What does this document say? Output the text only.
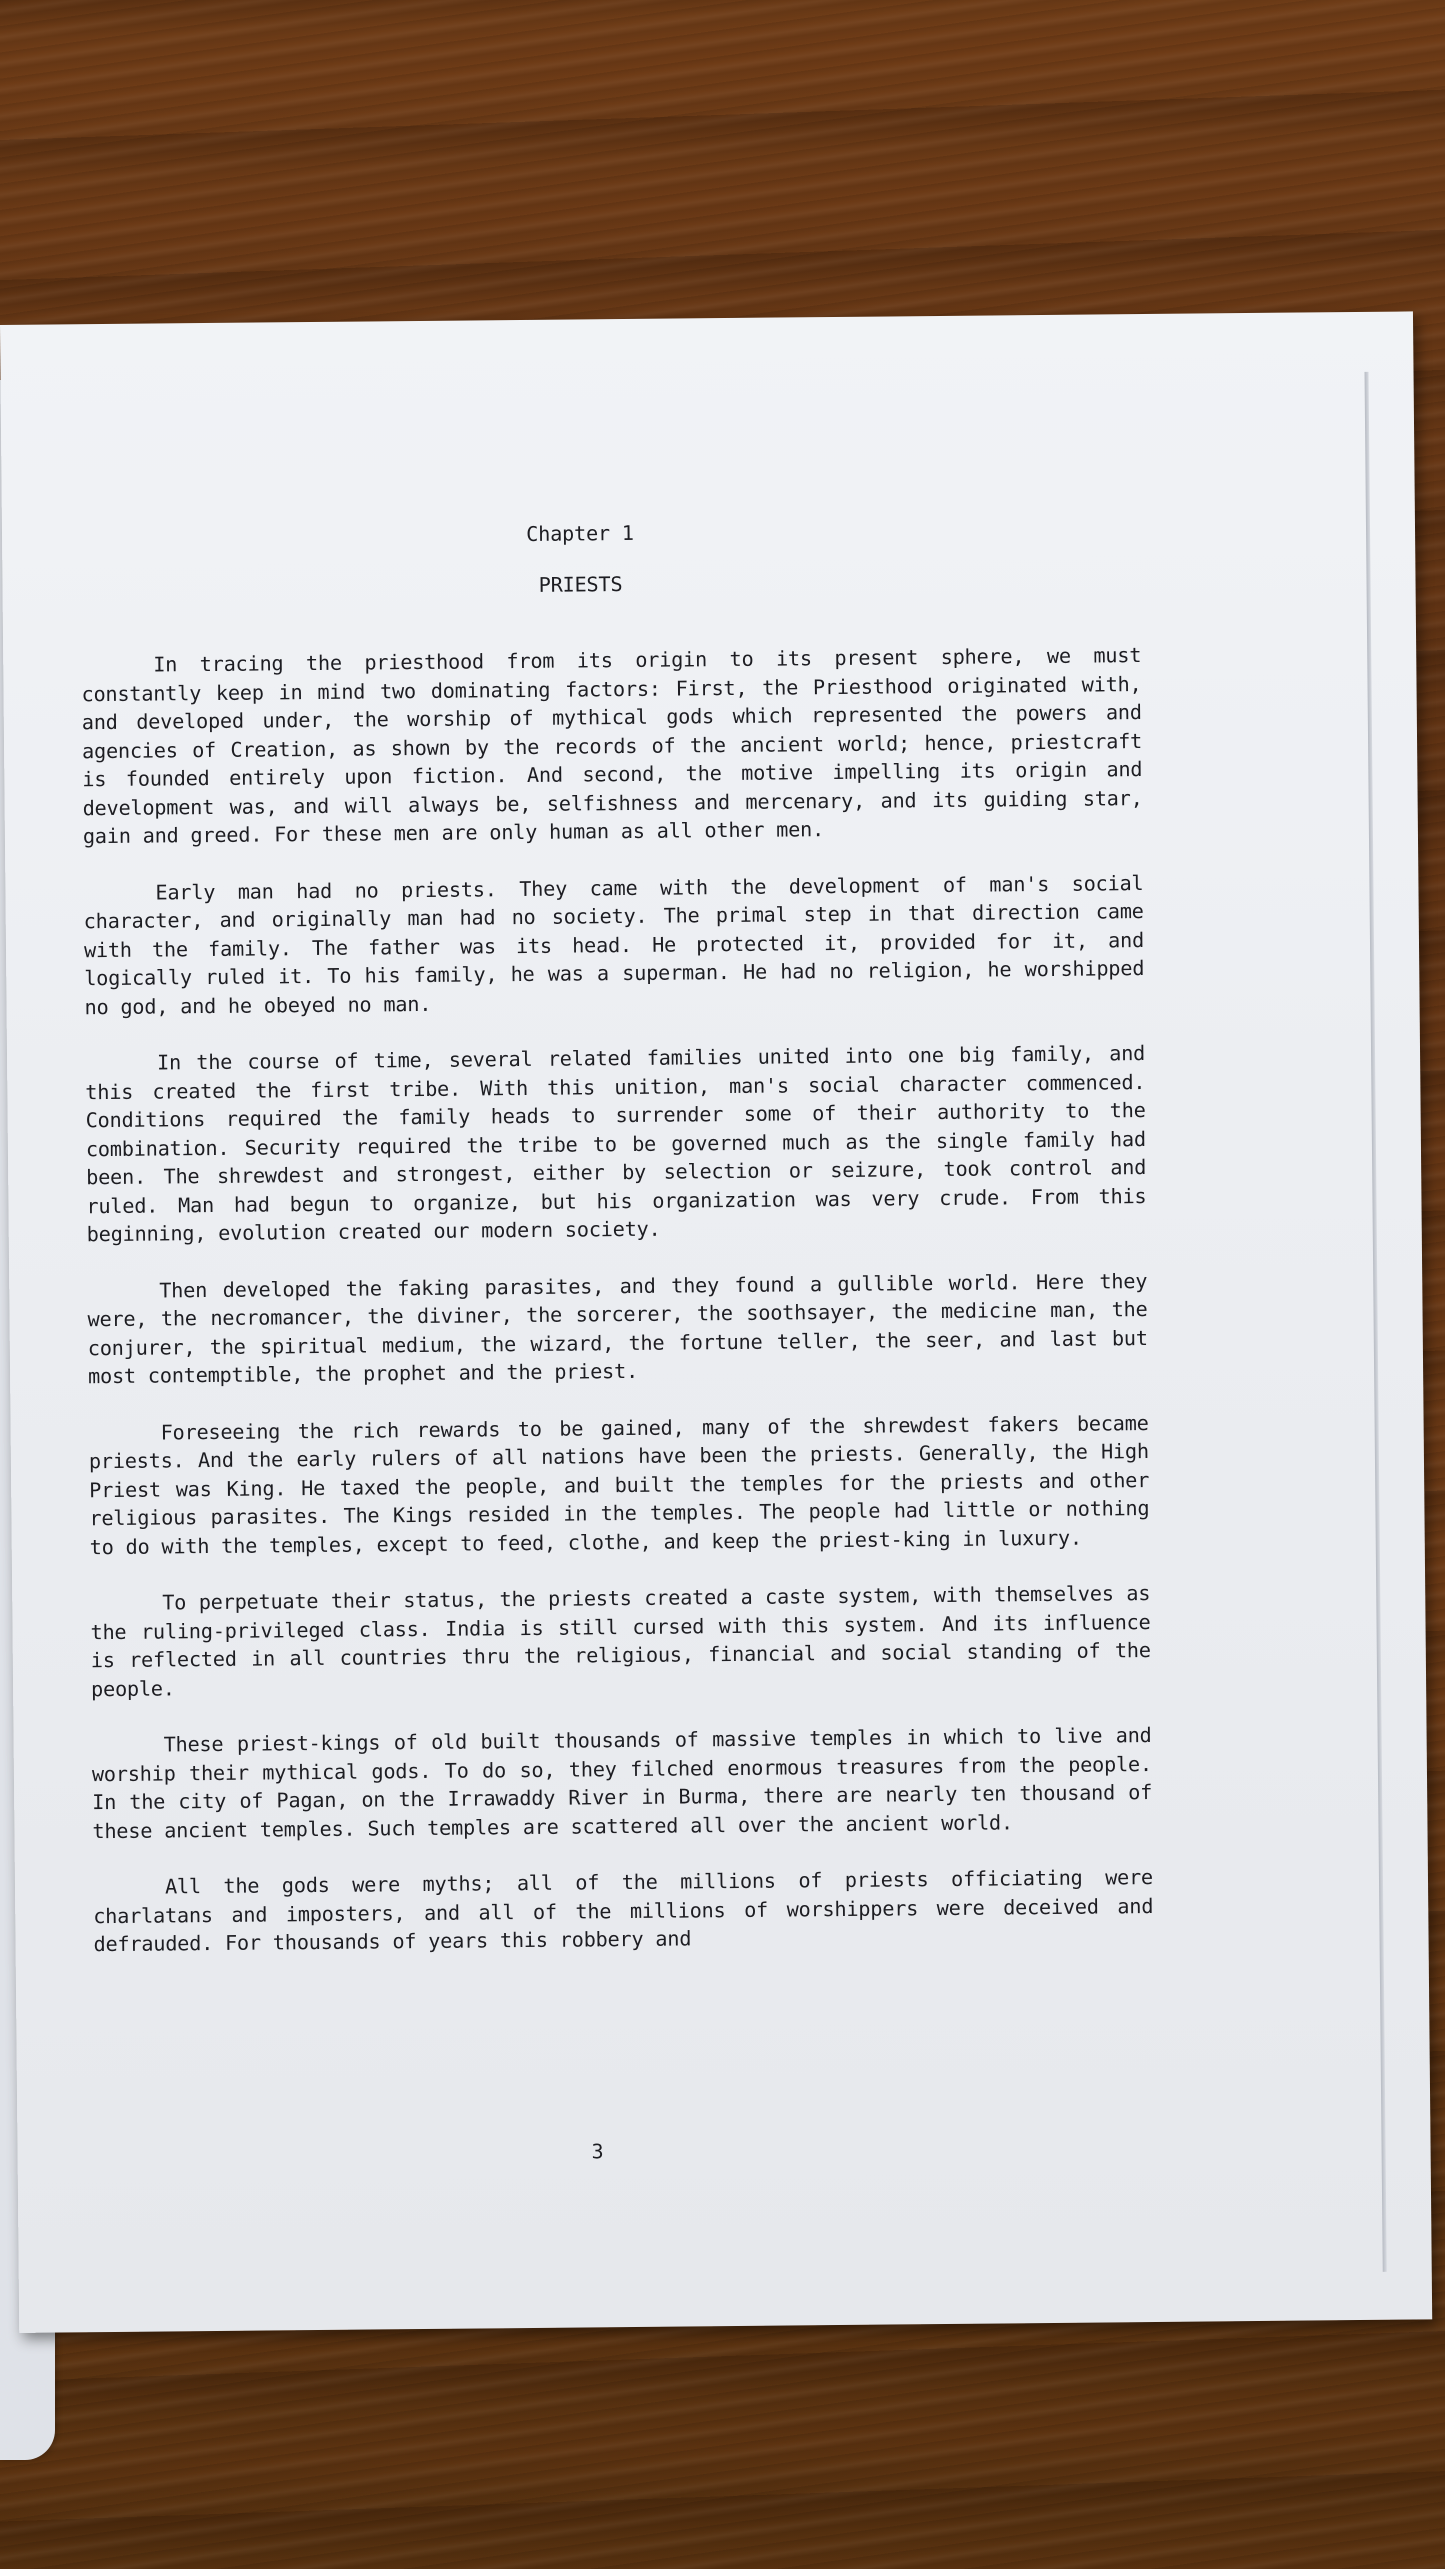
Chapter 1
PRIESTS

In tracing the priesthood from its origin to its present sphere, we must constantly keep in mind two dominating factors: First, the Priesthood originated with, and developed under, the worship of mythical gods which represented the powers and agencies of Creation, as shown by the records of the ancient world; hence, priestcraft is founded entirely upon fiction. And second, the motive impelling its origin and development was, and will always be, selfishness and mercenary, and its guiding star, gain and greed. For these men are only human as all other men.

Early man had no priests. They came with the development of man's social character, and originally man had no society. The primal step in that direction came with the family. The father was its head. He protected it, provided for it, and logically ruled it. To his family, he was a superman. He had no religion, he worshipped no god, and he obeyed no man.

In the course of time, several related families united into one big family, and this created the first tribe. With this unition, man's social character commenced. Conditions required the family heads to surrender some of their authority to the combination. Security required the tribe to be governed much as the single family had been. The shrewdest and strongest, either by selection or seizure, took control and ruled. Man had begun to organize, but his organization was very crude. From this beginning, evolution created our modern society.

Then developed the faking parasites, and they found a gullible world. Here they were, the necromancer, the diviner, the sorcerer, the soothsayer, the medicine man, the conjurer, the spiritual medium, the wizard, the fortune teller, the seer, and last but most contemptible, the prophet and the priest.

Foreseeing the rich rewards to be gained, many of the shrewdest fakers became priests. And the early rulers of all nations have been the priests. Generally, the High Priest was King. He taxed the people, and built the temples for the priests and other religious parasites. The Kings resided in the temples. The people had little or nothing to do with the temples, except to feed, clothe, and keep the priest-king in luxury.

To perpetuate their status, the priests created a caste system, with themselves as the ruling-privileged class. India is still cursed with this system. And its influence is reflected in all countries thru the religious, financial and social standing of the people.

These priest-kings of old built thousands of massive temples in which to live and worship their mythical gods. To do so, they filched enormous treasures from the people. In the city of Pagan, on the Irrawaddy River in Burma, there are nearly ten thousand of these ancient temples. Such temples are scattered all over the ancient world.

All the gods were myths; all of the millions of priests officiating were charlatans and imposters, and all of the millions of worshippers were deceived and defrauded. For thousands of years this robbery and

3
